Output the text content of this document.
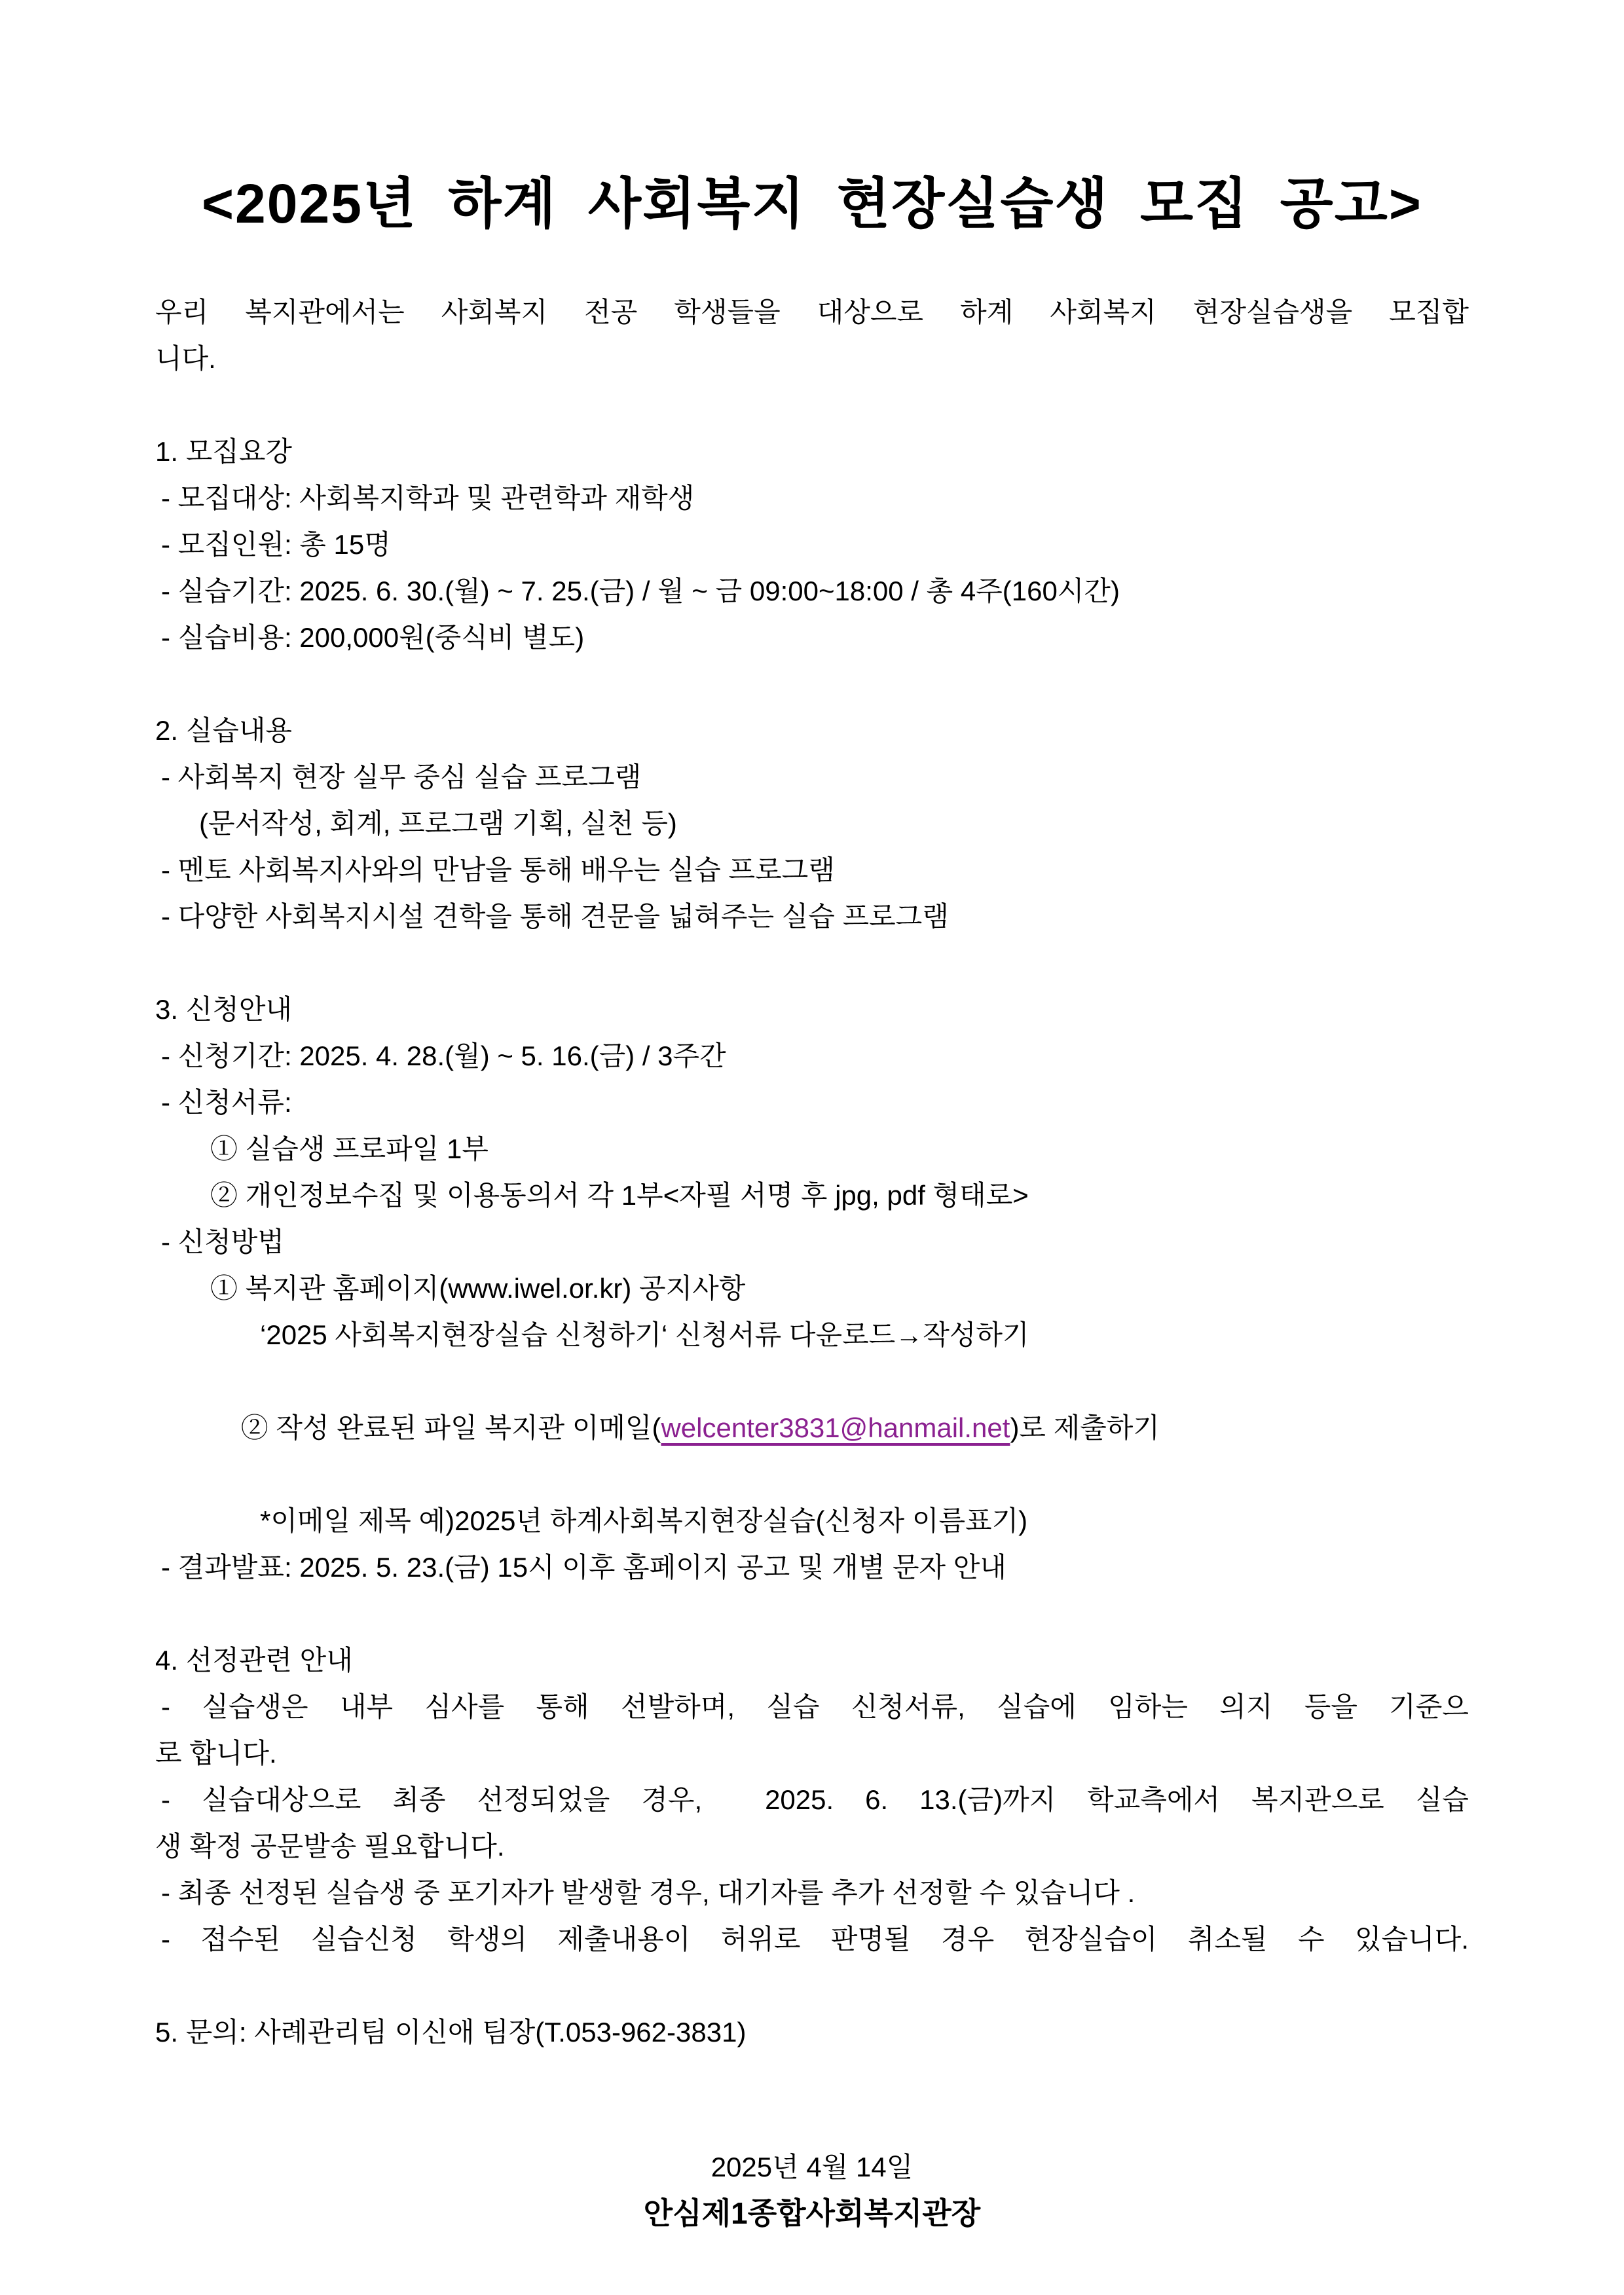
<2025년 하계 사회복지 현장실습생 모집 공고>
우리 복지관에서는 사회복지 전공 학생들을 대상으로 하계 사회복지 현장실습생을 모집합
니다.
1. 모집요강
- 모집대상: 사회복지학과 및 관련학과 재학생
- 모집인원: 총 15명
- 실습기간: 2025. 6. 30.(월) ~ 7. 25.(금) / 월 ~ 금 09:00~18:00 / 총 4주(160시간)
- 실습비용: 200,000원(중식비 별도)
2. 실습내용
- 사회복지 현장 실무 중심 실습 프로그램
(문서작성, 회계, 프로그램 기획, 실천 등)
- 멘토 사회복지사와의 만남을 통해 배우는 실습 프로그램
- 다양한 사회복지시설 견학을 통해 견문을 넓혀주는 실습 프로그램
3. 신청안내
- 신청기간: 2025. 4. 28.(월) ~ 5. 16.(금) / 3주간
- 신청서류:
① 실습생 프로파일 1부
② 개인정보수집 및 이용동의서 각 1부<자필 서명 후 jpg, pdf 형태로>
- 신청방법
① 복지관 홈페이지(www.iwel.or.kr) 공지사항
‘2025 사회복지현장실습 신청하기‘ 신청서류 다운로드→작성하기

② 작성 완료된 파일 복지관 이메일(welcenter3831@hanmail.net)로 제출하기

*이메일 제목 예)2025년 하계사회복지현장실습(신청자 이름표기)
- 결과발표: 2025. 5. 23.(금) 15시 이후 홈페이지 공고 및 개별 문자 안내
4. 선정관련 안내
- 실습생은 내부 심사를 통해 선발하며, 실습 신청서류, 실습에 임하는 의지 등을 기준으
로 합니다.
- 실습대상으로 최종 선정되었을 경우,  2025. 6. 13.(금)까지 학교측에서 복지관으로 실습
생 확정 공문발송 필요합니다.
- 최종 선정된 실습생 중 포기자가 발생할 경우, 대기자를 추가 선정할 수 있습니다 .
- 접수된 실습신청 학생의 제출내용이 허위로 판명될 경우 현장실습이 취소될 수 있습니다.
5. 문의: 사례관리팀 이신애 팀장(T.053-962-3831)
2025년 4월 14일
안심제1종합사회복지관장
